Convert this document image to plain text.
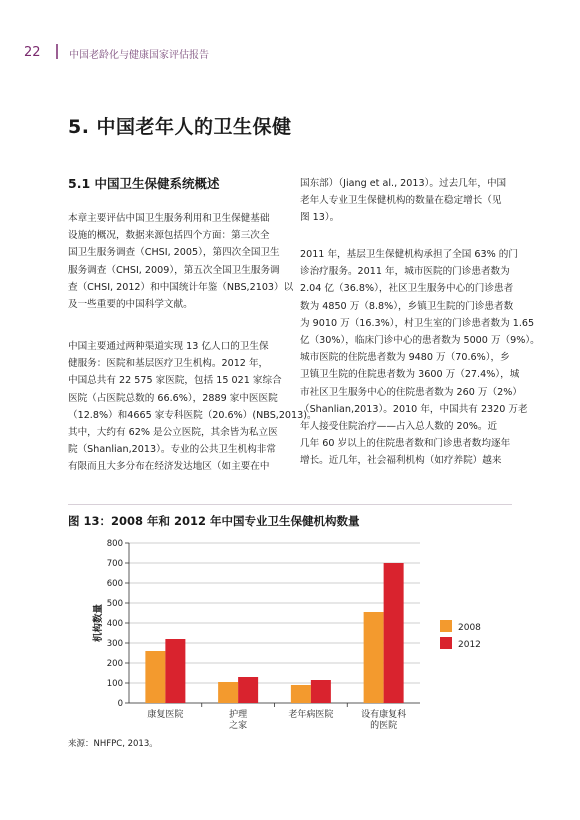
22	中国老龄化与健康国家评估报告
5. 中国老年人的卫生保健
5.1 中国卫生保健系统概述

本章主要评估中国卫生服务利用和卫生保健基础
设施的概况，数据来源包括四个方面：第三次全
国卫生服务调查（CHSI, 2005），第四次全国卫生
服务调查（CHSI, 2009），第五次全国卫生服务调
查（CHSI, 2012）和中国统计年鉴（NBS,2103）以
及一些重要的中国科学文献。

中国主要通过两种渠道实现 13 亿人口的卫生保
健服务：医院和基层医疗卫生机构。2012 年，
中国总共有 22 575 家医院，包括 15 021 家综合
医院（占医院总数的 66.6%），2889 家中医医院
（12.8%）和4665 家专科医院（20.6%）(NBS,2013)。
其中，大约有 62% 是公立医院，其余皆为私立医
院（Shanlian,2013）。专业的公共卫生机构非常
有限而且大多分布在经济发达地区（如主要在中

国东部）（Jiang et al., 2013）。过去几年，中国
老年人专业卫生保健机构的数量在稳定增长（见
图 13）。

2011 年，基层卫生保健机构承担了全国 63% 的门
诊治疗服务。2011 年，城市医院的门诊患者数为
2.04 亿（36.8%），社区卫生服务中心的门诊患者
数为 4850 万（8.8%），乡镇卫生院的门诊患者数
为 9010 万（16.3%），村卫生室的门诊患者数为 1.65
亿（30%），临床门诊中心的患者数为 5000 万（9%）。
城市医院的住院患者数为 9480 万（70.6%），乡
卫镇卫生院的住院患者数为 3600 万（27.4%），城
市社区卫生服务中心的住院患者数为 260 万（2%）
（Shanlian,2013）。2010 年，中国共有 2320 万老
年人接受住院治疗——占入总人数的 20%。近
几年 60 岁以上的住院患者数和门诊患者数均逐年
增长。近几年，社会福利机构（如疗养院）越来

图 13：2008 年和 2012 年中国专业卫生保健机构数量
0
100
200
300
400
500
600
700
800
康复医院	护理
之家
老年病医院	设有康复科
的医院
机构数量	2008
2012
来源：NHFPC, 2013。
